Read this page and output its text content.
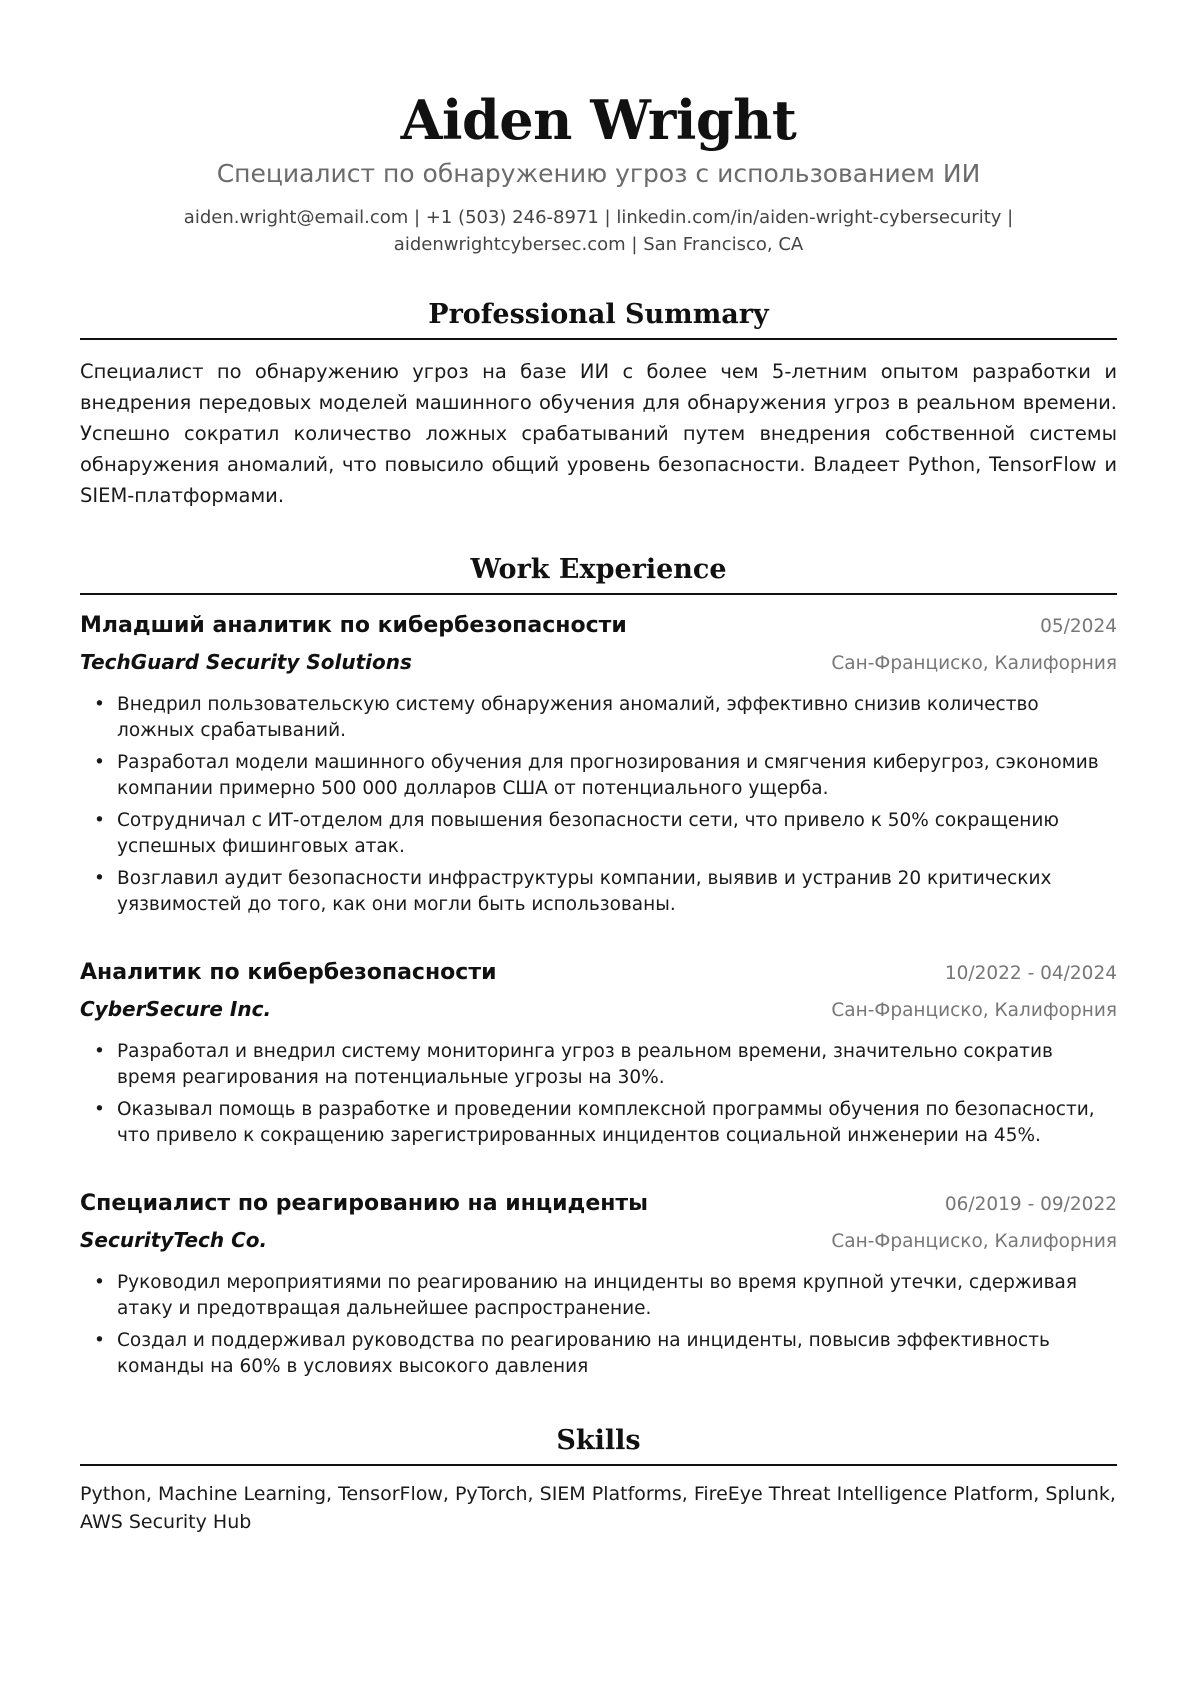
Aiden Wright
Специалист по обнаружению угроз с использованием ИИ
aiden.wright@email.com | +1 (503) 246-8971 | linkedin.com/in/aiden-wright-cybersecurity | aidenwrightcybersec.com | San Francisco, CA
Professional Summary
Специалист по обнаружению угроз на базе ИИ с более чем 5-летним опытом разработки и внедрения передовых моделей машинного обучения для обнаружения угроз в реальном времени. Успешно сократил количество ложных срабатываний путем внедрения собственной системы обнаружения аномалий, что повысило общий уровень безопасности. Владеет Python, TensorFlow и SIEM-платформами.
Work Experience
Младший аналитик по кибербезопасности	05/2024
TechGuard Security Solutions	Сан-Франциско, Калифорния
• Внедрил пользовательскую систему обнаружения аномалий, эффективно снизив количество ложных срабатываний.
• Разработал модели машинного обучения для прогнозирования и смягчения киберугроз, сэкономив компании примерно 500 000 долларов США от потенциального ущерба.
• Сотрудничал с ИТ-отделом для повышения безопасности сети, что привело к 50% сокращению успешных фишинговых атак.
• Возглавил аудит безопасности инфраструктуры компании, выявив и устранив 20 критических уязвимостей до того, как они могли быть использованы.
Аналитик по кибербезопасности	10/2022 - 04/2024
CyberSecure Inc.	Сан-Франциско, Калифорния
• Разработал и внедрил систему мониторинга угроз в реальном времени, значительно сократив время реагирования на потенциальные угрозы на 30%.
• Оказывал помощь в разработке и проведении комплексной программы обучения по безопасности, что привело к сокращению зарегистрированных инцидентов социальной инженерии на 45%.
Специалист по реагированию на инциденты	06/2019 - 09/2022
SecurityTech Co.	Сан-Франциско, Калифорния
• Руководил мероприятиями по реагированию на инциденты во время крупной утечки, сдерживая атаку и предотвращая дальнейшее распространение.
• Создал и поддерживал руководства по реагированию на инциденты, повысив эффективность команды на 60% в условиях высокого давления
Skills
Python, Machine Learning, TensorFlow, PyTorch, SIEM Platforms, FireEye Threat Intelligence Platform, Splunk, AWS Security Hub
